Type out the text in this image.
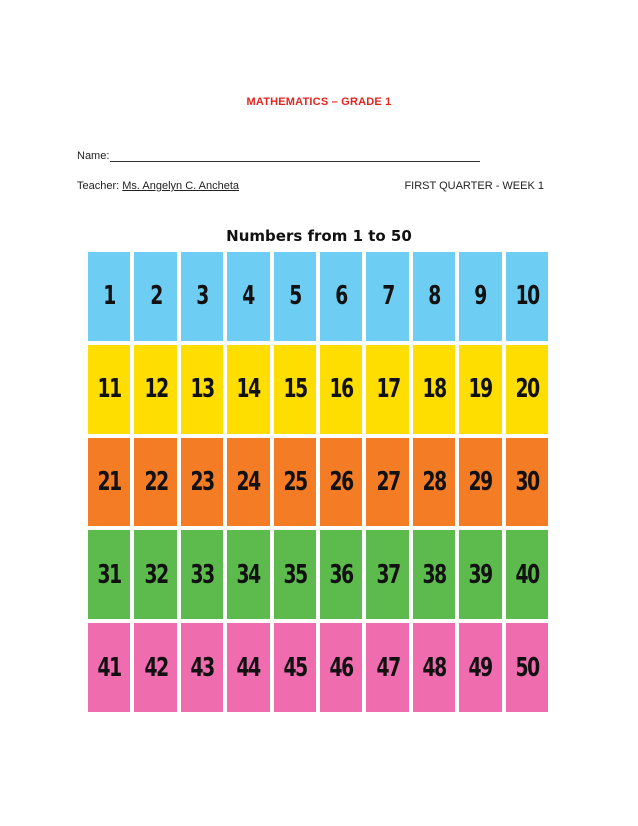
MATHEMATICS – GRADE 1
Name:
Teacher: Ms. Angelyn C. Ancheta	FIRST QUARTER - WEEK 1
Numbers from 1 to 50
1 2 3 4 5 6 7 8 9 10
11 12 13 14 15 16 17 18 19 20
21 22 23 24 25 26 27 28 29 30
31 32 33 34 35 36 37 38 39 40
41 42 43 44 45 46 47 48 49 50
